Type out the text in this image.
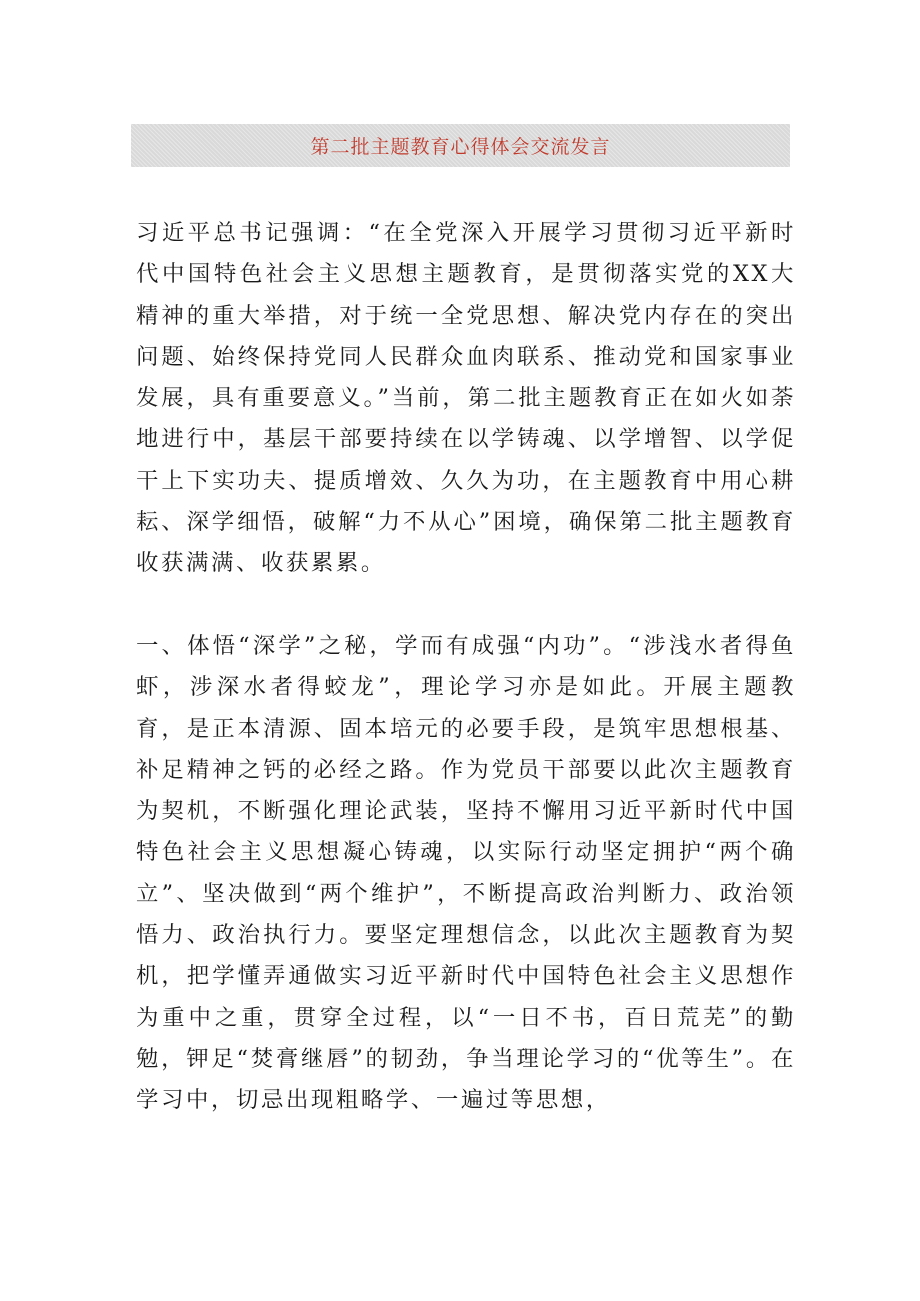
第二批主题教育心得体会交流发言

习近平总书记强调：“在全党深入开展学习贯彻习近平新时代中国特色社会主义思想主题教育，是贯彻落实党的XX大精神的重大举措，对于统一全党思想、解决党内存在的突出问题、始终保持党同人民群众血肉联系、推动党和国家事业发展，具有重要意义。”当前，第二批主题教育正在如火如荼地进行中，基层干部要持续在以学铸魂、以学增智、以学促干上下实功夫、提质增效、久久为功，在主题教育中用心耕耘、深学细悟，破解“力不从心”困境，确保第二批主题教育收获满满、收获累累。

一、体悟“深学”之秘，学而有成强“内功”。“涉浅水者得鱼虾，涉深水者得蛟龙”，理论学习亦是如此。开展主题教育，是正本清源、固本培元的必要手段，是筑牢思想根基、补足精神之钙的必经之路。作为党员干部要以此次主题教育为契机，不断强化理论武装，坚持不懈用习近平新时代中国特色社会主义思想凝心铸魂，以实际行动坚定拥护“两个确立”、坚决做到“两个维护”，不断提高政治判断力、政治领悟力、政治执行力。要坚定理想信念，以此次主题教育为契机，把学懂弄通做实习近平新时代中国特色社会主义思想作为重中之重，贯穿全过程，以“一日不书，百日荒芜”的勤勉，钾足“焚膏继唇”的韧劲，争当理论学习的“优等生”。在学习中，切忌出现粗略学、一遍过等思想，
